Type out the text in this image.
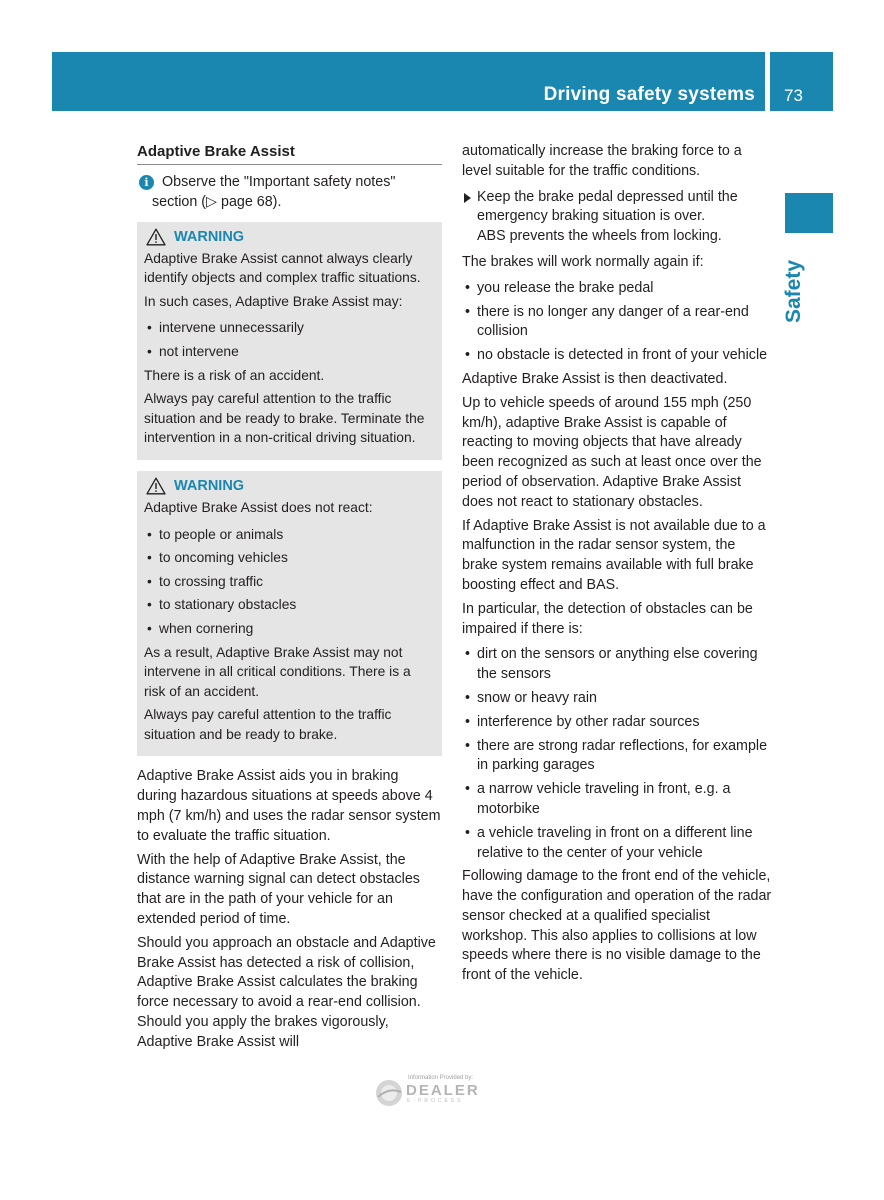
Driving safety systems 73
Safety
Adaptive Brake Assist
i Observe the "Important safety notes"
section (▷ page 68).
WARNING

Adaptive Brake Assist cannot always clearly identify objects and complex traffic situations.

In such cases, Adaptive Brake Assist may:

• intervene unnecessarily

• not intervene

There is a risk of an accident.

Always pay careful attention to the traffic situation and be ready to brake. Terminate the intervention in a non-critical driving situation.

WARNING

Adaptive Brake Assist does not react:

• to people or animals

• to oncoming vehicles

• to crossing traffic

• to stationary obstacles

• when cornering

As a result, Adaptive Brake Assist may not intervene in all critical conditions. There is a risk of an accident.

Always pay careful attention to the traffic situation and be ready to brake.

Adaptive Brake Assist aids you in braking during hazardous situations at speeds above 4 mph (7 km/h) and uses the radar sensor system to evaluate the traffic situation.

With the help of Adaptive Brake Assist, the distance warning signal can detect obstacles that are in the path of your vehicle for an extended period of time.

Should you approach an obstacle and Adaptive Brake Assist has detected a risk of collision, Adaptive Brake Assist calculates the braking force necessary to avoid a rear-end collision. Should you apply the brakes vigorously, Adaptive Brake Assist will

automatically increase the braking force to a level suitable for the traffic conditions.

Keep the brake pedal depressed until the emergency braking situation is over.
ABS prevents the wheels from locking.

The brakes will work normally again if:

• you release the brake pedal

• there is no longer any danger of a rear-end collision

• no obstacle is detected in front of your vehicle

Adaptive Brake Assist is then deactivated.

Up to vehicle speeds of around 155 mph (250 km/h), adaptive Brake Assist is capable of reacting to moving objects that have already been recognized as such at least once over the period of observation. Adaptive Brake Assist does not react to stationary obstacles.

If Adaptive Brake Assist is not available due to a malfunction in the radar sensor system, the brake system remains available with full brake boosting effect and BAS.

In particular, the detection of obstacles can be impaired if there is:

• dirt on the sensors or anything else covering the sensors

• snow or heavy rain

• interference by other radar sources

• there are strong radar reflections, for example in parking garages

• a narrow vehicle traveling in front, e.g. a motorbike

• a vehicle traveling in front on a different line relative to the center of your vehicle

Following damage to the front end of the vehicle, have the configuration and operation of the radar sensor checked at a qualified specialist workshop. This also applies to collisions at low speeds where there is no visible damage to the front of the vehicle.

Information Provided by:
DEALER
E-PROCESS
